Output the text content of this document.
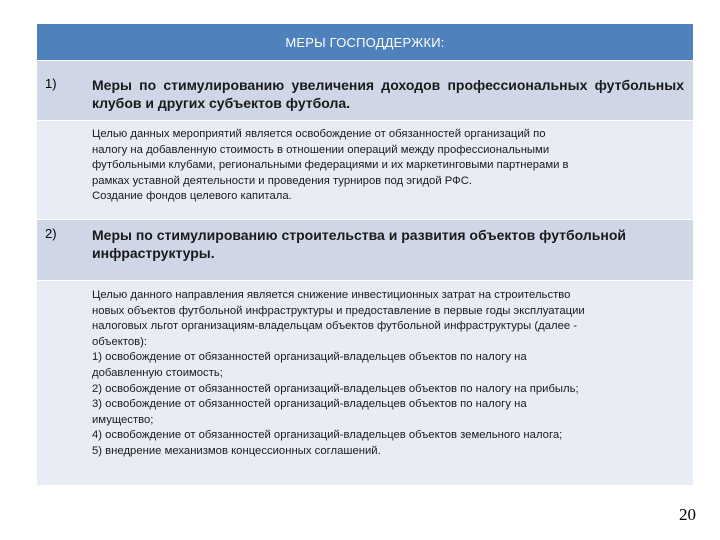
МЕРЫ ГОСПОДДЕРЖКИ:
1)	Меры по стимулированию увеличения доходов профессиональных футбольных клубов и других субъектов футбола.
Целью данных мероприятий является освобождение от обязанностей организаций по
налогу на добавленную стоимость в отношении операций между профессиональными
футбольными клубами, региональными федерациями и их маркетинговыми партнерами в
рамках уставной деятельности и проведения турниров под эгидой РФС.
Создание фондов целевого капитала.
2)	Меры по стимулированию строительства и развития объектов футбольной инфраструктуры.
Целью данного направления является снижение инвестиционных затрат на строительство
новых объектов футбольной инфраструктуры и предоставление в первые годы эксплуатации
налоговых льгот организациям-владельцам объектов футбольной инфраструктуры (далее -
объектов):
1) освобождение от обязанностей организаций-владельцев объектов по налогу на
добавленную стоимость;
2) освобождение от обязанностей организаций-владельцев объектов по налогу на прибыль;
3) освобождение от обязанностей организаций-владельцев объектов по налогу на
имущество;
4) освобождение от обязанностей организаций-владельцев объектов земельного налога;
5) внедрение механизмов концессионных соглашений.
20
